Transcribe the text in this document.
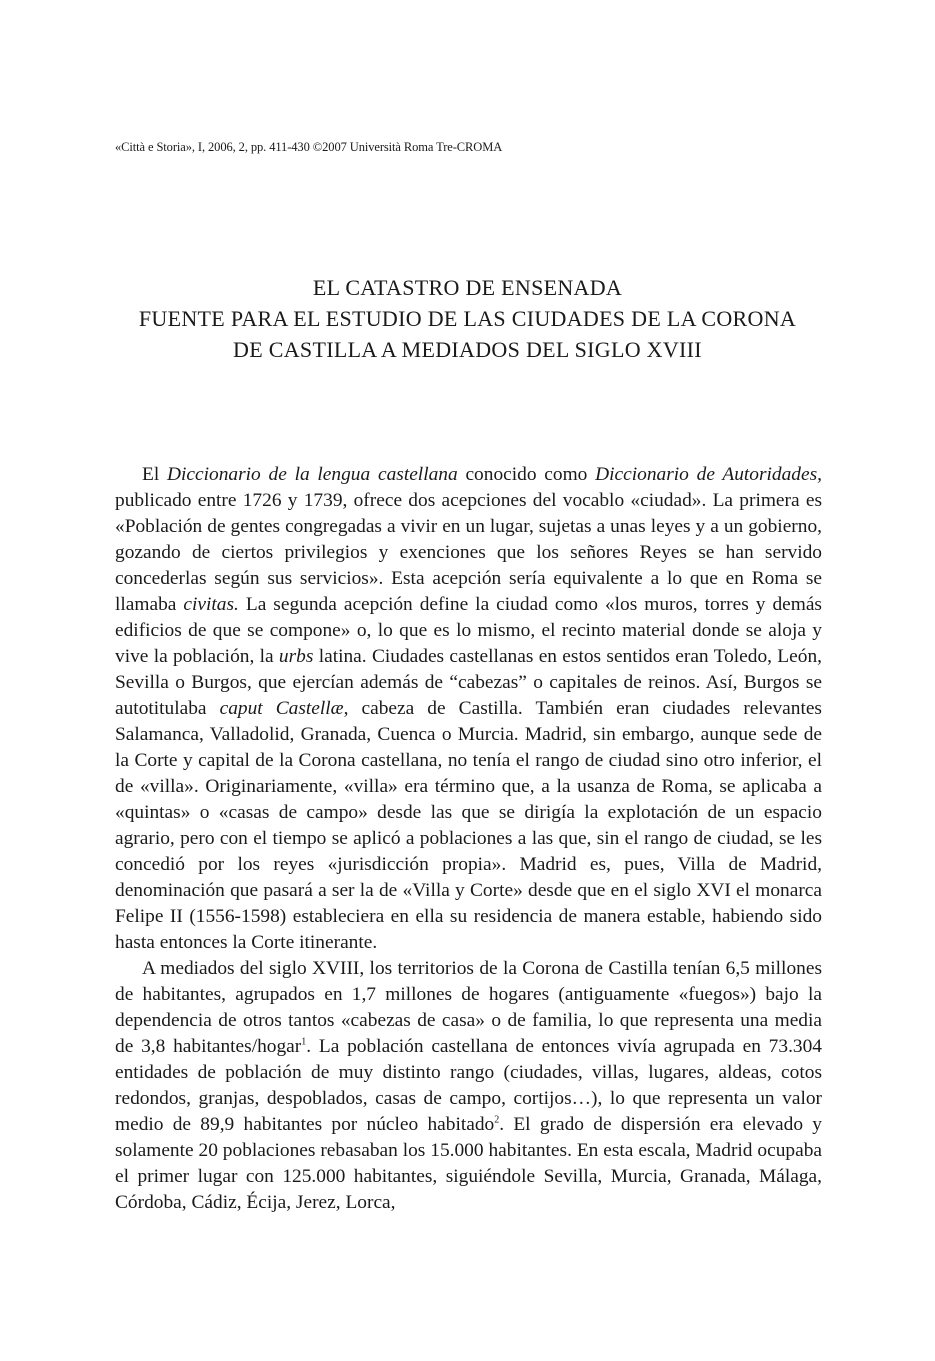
«Città e Storia», I, 2006, 2, pp. 411-430 ©2007 Università Roma Tre-CROMA

EL CATASTRO DE ENSENADA
FUENTE PARA EL ESTUDIO DE LAS CIUDADES DE LA CORONA
DE CASTILLA A MEDIADOS DEL SIGLO XVIII

El Diccionario de la lengua castellana conocido como Diccionario de Autoridades, publicado entre 1726 y 1739, ofrece dos acepciones del vocablo «ciudad». La primera es «Población de gentes congregadas a vivir en un lugar, sujetas a unas leyes y a un gobierno, gozando de ciertos privilegios y exenciones que los señores Reyes se han servido concederlas según sus servicios». Esta acepción sería equivalente a lo que en Roma se llamaba civitas. La segunda acepción define la ciudad como «los muros, torres y demás edificios de que se compone» o, lo que es lo mismo, el recinto material donde se aloja y vive la población, la urbs latina. Ciudades castellanas en estos sentidos eran Toledo, León, Sevilla o Burgos, que ejercían además de “cabezas” o capitales de reinos. Así, Burgos se autotitulaba caput Castellæ, cabeza de Castilla. También eran ciudades relevantes Salamanca, Valladolid, Granada, Cuenca o Murcia. Madrid, sin embargo, aunque sede de la Corte y capital de la Corona castellana, no tenía el rango de ciudad sino otro inferior, el de «villa». Originariamente, «villa» era término que, a la usanza de Roma, se aplicaba a «quintas» o «casas de campo» desde las que se dirigía la explotación de un espacio agrario, pero con el tiempo se aplicó a poblaciones a las que, sin el rango de ciudad, se les concedió por los reyes «jurisdicción propia». Madrid es, pues, Villa de Madrid, denominación que pasará a ser la de «Villa y Corte» desde que en el siglo XVI el monarca Felipe II (1556-1598) estableciera en ella su residencia de manera estable, habiendo sido hasta entonces la Corte itinerante.

A mediados del siglo XVIII, los territorios de la Corona de Castilla tenían 6,5 millones de habitantes, agrupados en 1,7 millones de hogares (antiguamente «fuegos») bajo la dependencia de otros tantos «cabezas de casa» o de familia, lo que representa una media de 3,8 habitantes/hogar$^1$. La población castellana de entonces vivía agrupada en 73.304 entidades de población de muy distinto rango (ciudades, villas, lugares, aldeas, cotos redondos, granjas, despoblados, casas de campo, cortijos…), lo que representa un valor medio de 89,9 habitantes por núcleo habitado$^2$. El grado de dispersión era elevado y solamente 20 poblaciones rebasaban los 15.000 habitantes. En esta escala, Madrid ocupaba el primer lugar con 125.000 habitantes, siguiéndole Sevilla, Murcia, Granada, Málaga, Córdoba, Cádiz, Écija, Jerez, Lorca,
